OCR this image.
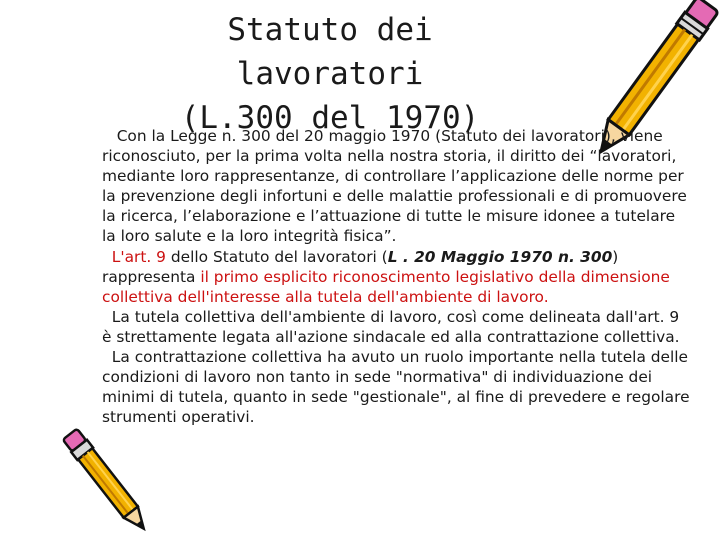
Statuto dei lavoratori
(L.300 del 1970)

Con la Legge n. 300 del 20 maggio 1970 (Statuto dei lavoratori), viene riconosciuto, per la prima volta nella nostra storia, il diritto dei “lavoratori, mediante loro rappresentanze, di controllare l’applicazione delle norme per la prevenzione degli infortuni e delle malattie professionali e di promuovere la ricerca, l’elaborazione e l’attuazione di tutte le misure idonee a tutelare la loro salute e la loro integrità fisica”.

L'art. 9 dello Statuto del lavoratori (L . 20 Maggio 1970 n. 300) rappresenta il primo esplicito riconoscimento legislativo della dimensione collettiva dell'interesse alla tutela dell'ambiente di lavoro.

La tutela collettiva dell'ambiente di lavoro, così come delineata dall'art. 9 è strettamente legata all'azione sindacale ed alla contrattazione collettiva.

La contrattazione collettiva ha avuto un ruolo importante nella tutela delle condizioni di lavoro non tanto in sede "normativa" di individuazione dei minimi di tutela, quanto in sede "gestionale", al fine di prevedere e regolare strumenti operativi.
